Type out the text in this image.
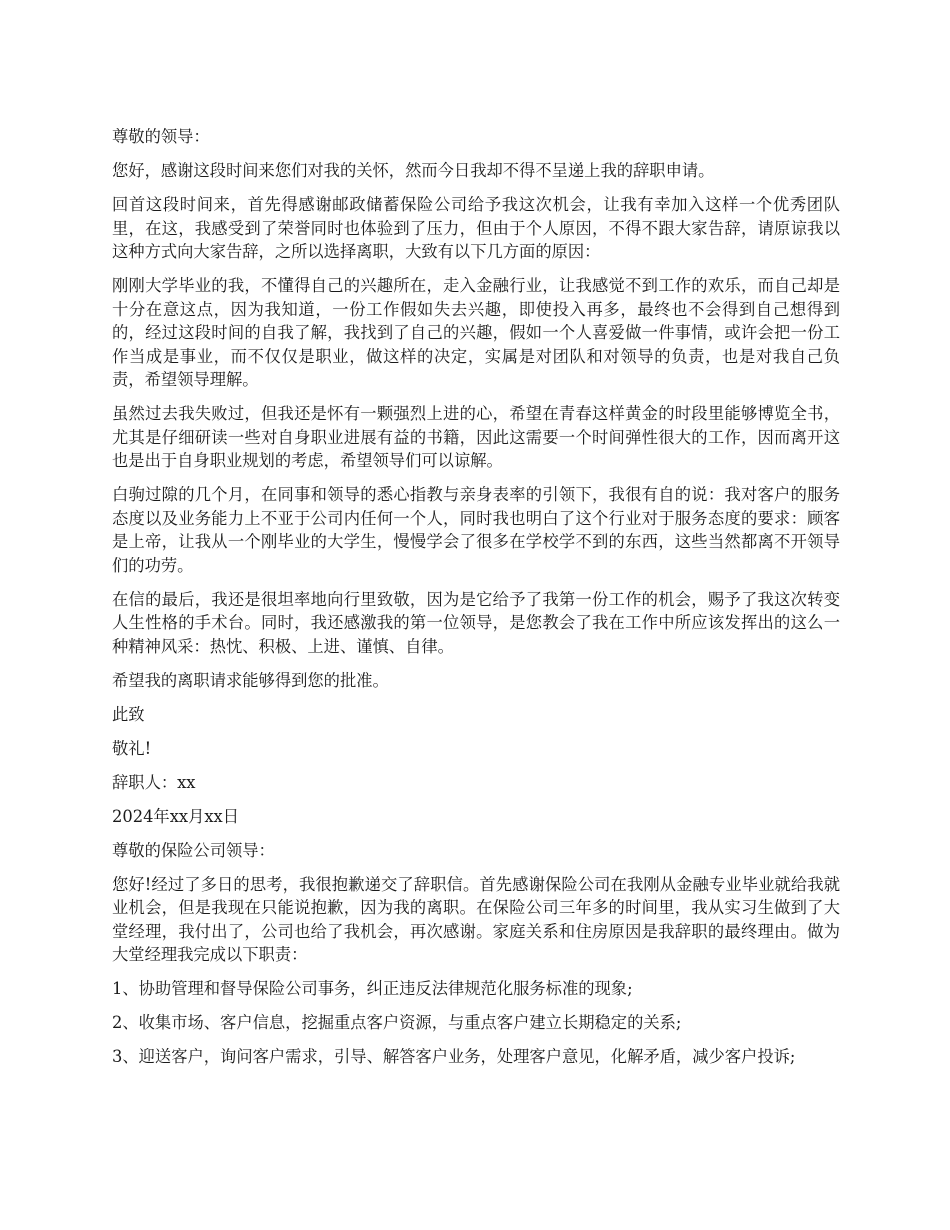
尊敬的领导：

您好，感谢这段时间来您们对我的关怀，然而今日我却不得不呈递上我的辞职申请。

回首这段时间来，首先得感谢邮政储蓄保险公司给予我这次机会，让我有幸加入这样一个优秀团队里，在这，我感受到了荣誉同时也体验到了压力，但由于个人原因，不得不跟大家告辞，请原谅我以这种方式向大家告辞，之所以选择离职，大致有以下几方面的原因：

刚刚大学毕业的我，不懂得自己的兴趣所在，走入金融行业，让我感觉不到工作的欢乐，而自己却是十分在意这点，因为我知道，一份工作假如失去兴趣，即使投入再多，最终也不会得到自己想得到的，经过这段时间的自我了解，我找到了自己的兴趣，假如一个人喜爱做一件事情，或许会把一份工作当成是事业，而不仅仅是职业，做这样的决定，实属是对团队和对领导的负责，也是对我自己负责，希望领导理解。

虽然过去我失败过，但我还是怀有一颗强烈上进的心，希望在青春这样黄金的时段里能够博览全书，尤其是仔细研读一些对自身职业进展有益的书籍，因此这需要一个时间弹性很大的工作，因而离开这也是出于自身职业规划的考虑，希望领导们可以谅解。

白驹过隙的几个月，在同事和领导的悉心指教与亲身表率的引领下，我很有自的说：我对客户的服务态度以及业务能力上不亚于公司内任何一个人，同时我也明白了这个行业对于服务态度的要求：顾客是上帝，让我从一个刚毕业的大学生，慢慢学会了很多在学校学不到的东西，这些当然都离不开领导们的功劳。

在信的最后，我还是很坦率地向行里致敬，因为是它给予了我第一份工作的机会，赐予了我这次转变人生性格的手术台。同时，我还感激我的第一位领导，是您教会了我在工作中所应该发挥出的这么一种精神风采：热忱、积极、上进、谨慎、自律。

希望我的离职请求能够得到您的批准。

此致

敬礼!

辞职人：xx

2024年xx月xx日

尊敬的保险公司领导：

您好!经过了多日的思考，我很抱歉递交了辞职信。首先感谢保险公司在我刚从金融专业毕业就给我就业机会，但是我现在只能说抱歉，因为我的离职。在保险公司三年多的时间里，我从实习生做到了大堂经理，我付出了，公司也给了我机会，再次感谢。家庭关系和住房原因是我辞职的最终理由。做为大堂经理我完成以下职责：

1、协助管理和督导保险公司事务，纠正违反法律规范化服务标准的现象;

2、收集市场、客户信息，挖掘重点客户资源，与重点客户建立长期稳定的关系;

3、迎送客户，询问客户需求，引导、解答客户业务，处理客户意见，化解矛盾，减少客户投诉;
